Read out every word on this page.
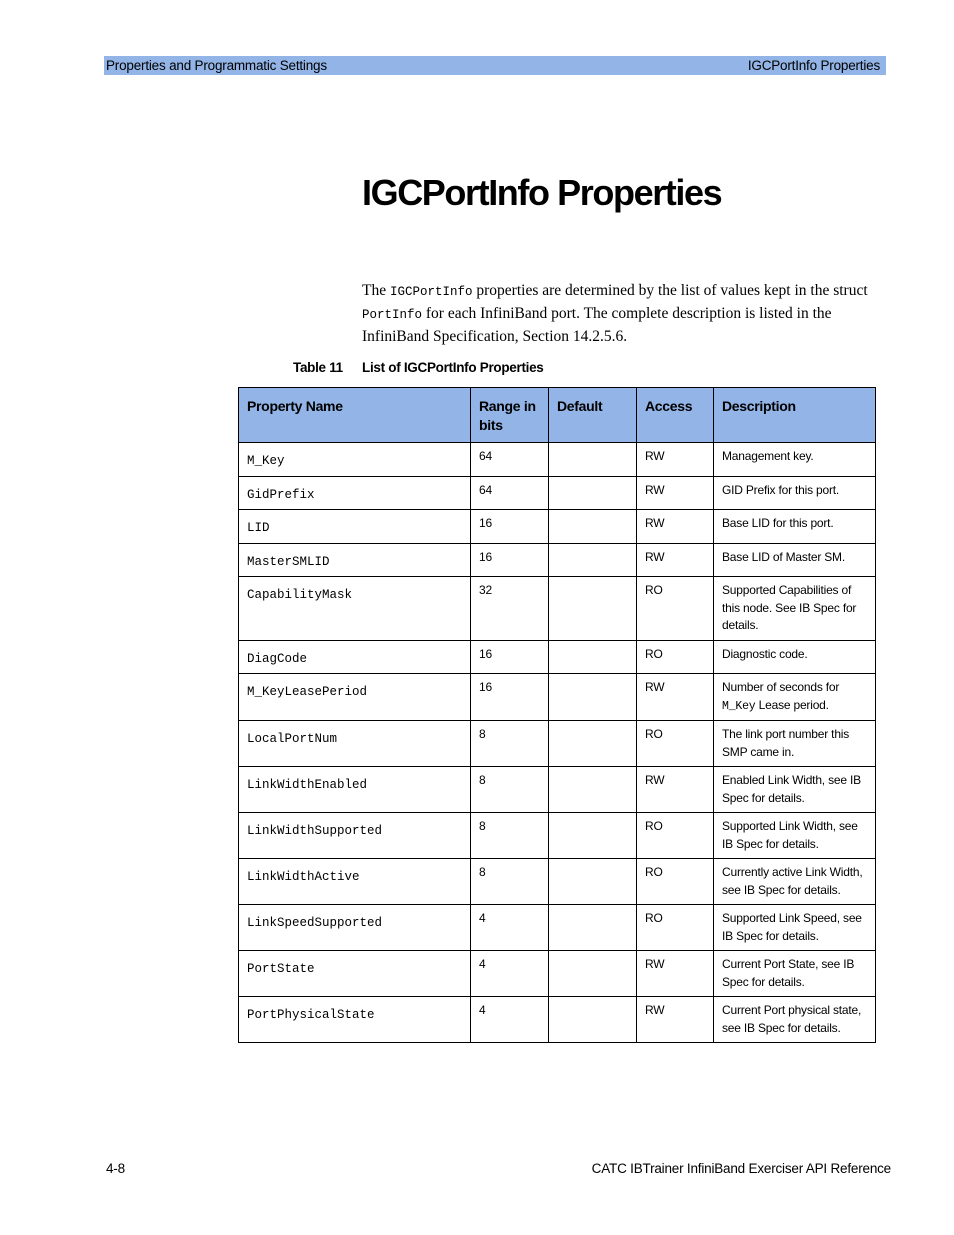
Properties and Programmatic Settings	IGCPortInfo Properties
IGCPortInfo Properties

The IGCPortInfo properties are determined by the list of values kept in the struct PortInfo for each InfiniBand port. The complete description is listed in the InfiniBand Specification, Section 14.2.5.6.

Table 11 List of IGCPortInfo Properties
Property Name	Range in bits	Default	Access	Description
M_Key	64		RW	Management key.
GidPrefix	64		RW	GID Prefix for this port.
LID	16		RW	Base LID for this port.
MasterSMLID	16		RW	Base LID of Master SM.
CapabilityMask	32		RO	Supported Capabilities of this node. See IB Spec for details.
DiagCode	16		RO	Diagnostic code.
M_KeyLeasePeriod	16		RW	Number of seconds for M_Key Lease period.
LocalPortNum	8		RO	The link port number this SMP came in.
LinkWidthEnabled	8		RW	Enabled Link Width, see IB Spec for details.
LinkWidthSupported	8		RO	Supported Link Width, see IB Spec for details.
LinkWidthActive	8		RO	Currently active Link Width, see IB Spec for details.
LinkSpeedSupported	4		RO	Supported Link Speed, see IB Spec for details.
PortState	4		RW	Current Port State, see IB Spec for details.
PortPhysicalState	4		RW	Current Port physical state, see IB Spec for details.
4-8	CATC IBTrainer InfiniBand Exerciser API Reference
